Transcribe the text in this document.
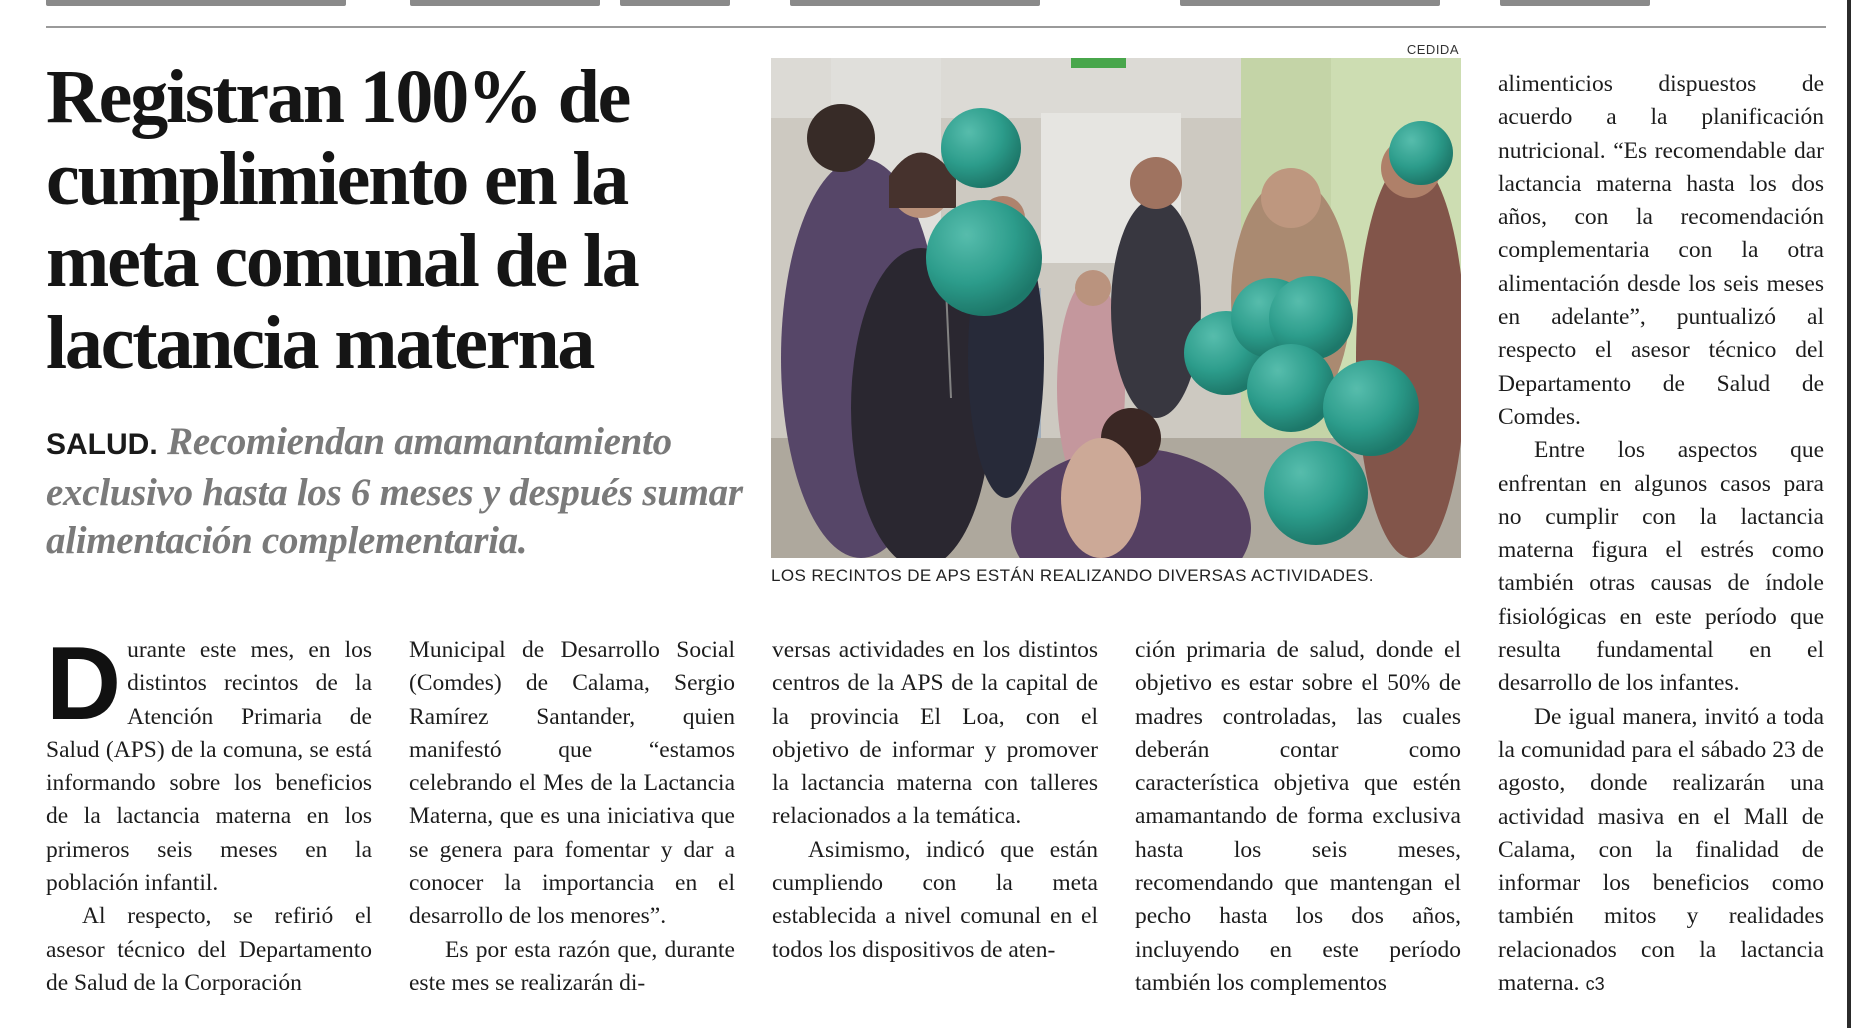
Registran 100% de cumplimiento en la meta comunal de la lactancia materna

SALUD. Recomiendan amamantamiento exclusivo hasta los 6 meses y después sumar alimentación complementaria.

CEDIDA
LOS RECINTOS DE APS ESTÁN REALIZANDO DIVERSAS ACTIVIDADES.

Durante este mes, en los distintos recintos de la Atención Primaria de Salud (APS) de la comuna, se está informando sobre los beneficios de la lactancia materna en los primeros seis meses en la población infantil.

Al respecto, se refirió el asesor técnico del Departamento de Salud de la Corporación

Municipal de Desarrollo Social (Comdes) de Calama, Sergio Ramírez Santander, quien manifestó que “estamos celebrando el Mes de la Lactancia Materna, que es una iniciativa que se genera para fomentar y dar a conocer la importancia en el desarrollo de los menores”.

Es por esta razón que, durante este mes se realizarán di-

versas actividades en los distintos centros de la APS de la capital de la provincia El Loa, con el objetivo de informar y promover la lactancia materna con talleres relacionados a la temática.

Asimismo, indicó que están cumpliendo con la meta establecida a nivel comunal en el todos los dispositivos de aten-

ción primaria de salud, donde el objetivo es estar sobre el 50% de madres controladas, las cuales deberán contar como característica objetiva que estén amamantando de forma exclusiva hasta los seis meses, recomendando que mantengan el pecho hasta los dos años, incluyendo en este período también los complementos

alimenticios dispuestos de acuerdo a la planificación nutricional. “Es recomendable dar lactancia materna hasta los dos años, con la recomendación complementaria con la otra alimentación desde los seis meses en adelante”, puntualizó al respecto el asesor técnico del Departamento de Salud de Comdes.

Entre los aspectos que enfrentan en algunos casos para no cumplir con la lactancia materna figura el estrés como también otras causas de índole fisiológicas en este período que resulta fundamental en el desarrollo de los infantes.

De igual manera, invitó a toda la comunidad para el sábado 23 de agosto, donde realizarán una actividad masiva en el Mall de Calama, con la finalidad de informar los beneficios como también mitos y realidades relacionados con la lactancia materna. ᴄ3
